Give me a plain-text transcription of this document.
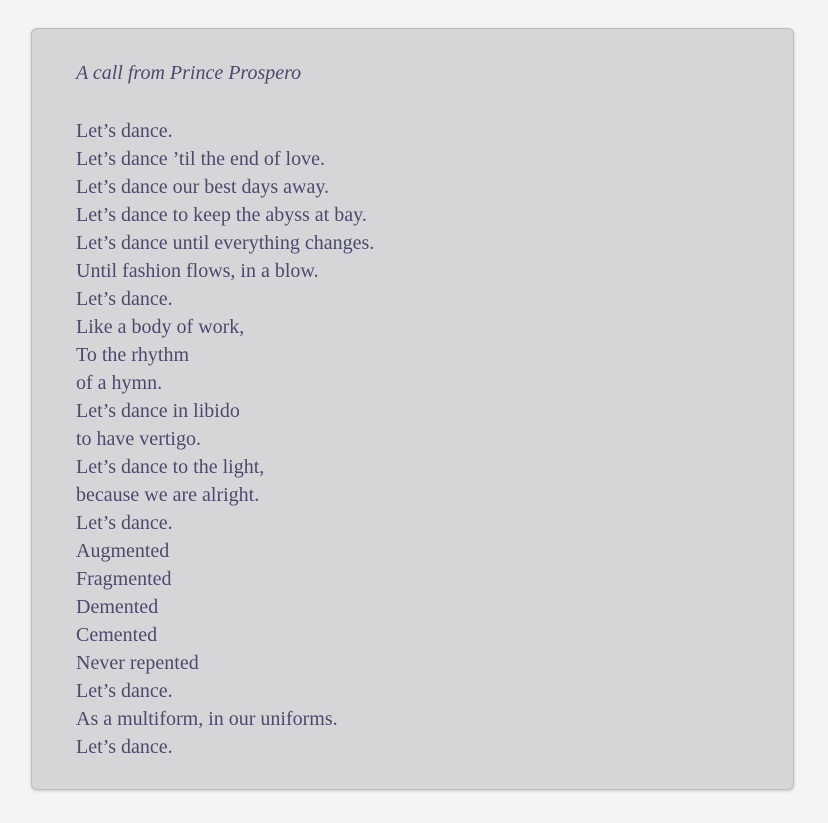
A call from Prince Prospero
Let’s dance.
Let’s dance ’til the end of love.
Let’s dance our best days away.
Let’s dance to keep the abyss at bay.
Let’s dance until everything changes.
Until fashion flows, in a blow.
Let’s dance.
Like a body of work,
To the rhythm
of a hymn.
Let’s dance in libido
to have vertigo.
Let’s dance to the light,
because we are alright.
Let’s dance.
Augmented
Fragmented
Demented
Cemented
Never repented
Let’s dance.
As a multiform, in our uniforms.
Let’s dance.
